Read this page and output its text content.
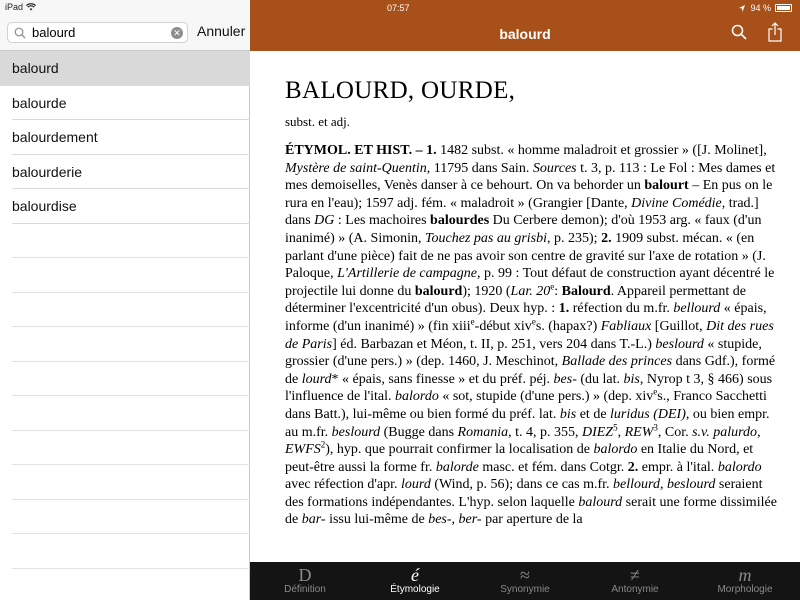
iPad
balourd
✕ Annuler
balourd
balourde
balourdement
balourderie
balourdise
07:57	94 %
balourd
BALOURD, OURDE,
subst. et adj.
ÉTYMOL. ET HIST. – 1. 1482 subst. « homme maladroit et grossier » ([J. Molinet], Mystère de saint-Quentin, 11795 dans Sain. Sources t. 3, p. 113 : Le Fol : Mes dames et mes demoiselles, Venès danser à ce behourt. On va behorder un balourt – En pus on le rura en l'eau); 1597 adj. fém. « maladroit » (Grangier [Dante, Divine Comédie, trad.] dans DG : Les machoires balourdes Du Cerbere demon); d'où 1953 arg. « faux (d'un inanimé) » (A. Simonin, Touchez pas au grisbi, p. 235); 2. 1909 subst. mécan. « (en parlant d'une pièce) fait de ne pas avoir son centre de gravité sur l'axe de rotation » (J. Paloque, L'Artillerie de campagne, p. 99 : Tout défaut de construction ayant décentré le projectile lui donne du balourd); 1920 (Lar. 20e: Balourd. Appareil permettant de déterminer l'excentricité d'un obus). Deux hyp. : 1. réfection du m.fr. bellourd « épais, informe (d'un inanimé) » (fin xiii$^e$-début xiv$^e$s. (hapax?) Fabliaux [Guillot, Dit des rues de Paris] éd. Barbazan et Méon, t. II, p. 251, vers 204 dans T.-L.) beslourd « stupide, grossier (d'une pers.) » (dep. 1460, J. Meschinot, Ballade des princes dans Gdf.), formé de lourd* « épais, sans finesse » et du préf. péj. bes- (du lat. bis, Nyrop t 3, § 466) sous l'influence de l'ital. balordo « sot, stupide (d'une pers.) » (dep. xiv$^e$s., Franco Sacchetti dans Batt.), lui-même ou bien formé du préf. lat. bis et de luridus (DEI), ou bien empr. au m.fr. beslourd (Bugge dans Romania, t. 4, p. 355, DIEZ$^5$, REW$^3$, Cor. s.v. palurdo, EWFS$^2$), hyp. que pourrait confirmer la localisation de balordo en Italie du Nord, et peut-être aussi la forme fr. balorde masc. et fém. dans Cotgr. 2. empr. à l'ital. balordo avec réfection d'apr. lourd (Wind, p. 56); dans ce cas m.fr. bellourd, beslourd seraient des formations indépendantes. L'hyp. selon laquelle balourd serait une forme dissimilée de bar- issu lui-même de bes-, ber- par aperture de la
D
Définition
é
Étymologie
≈
Synonymie
≠
Antonymie
m
Morphologie
